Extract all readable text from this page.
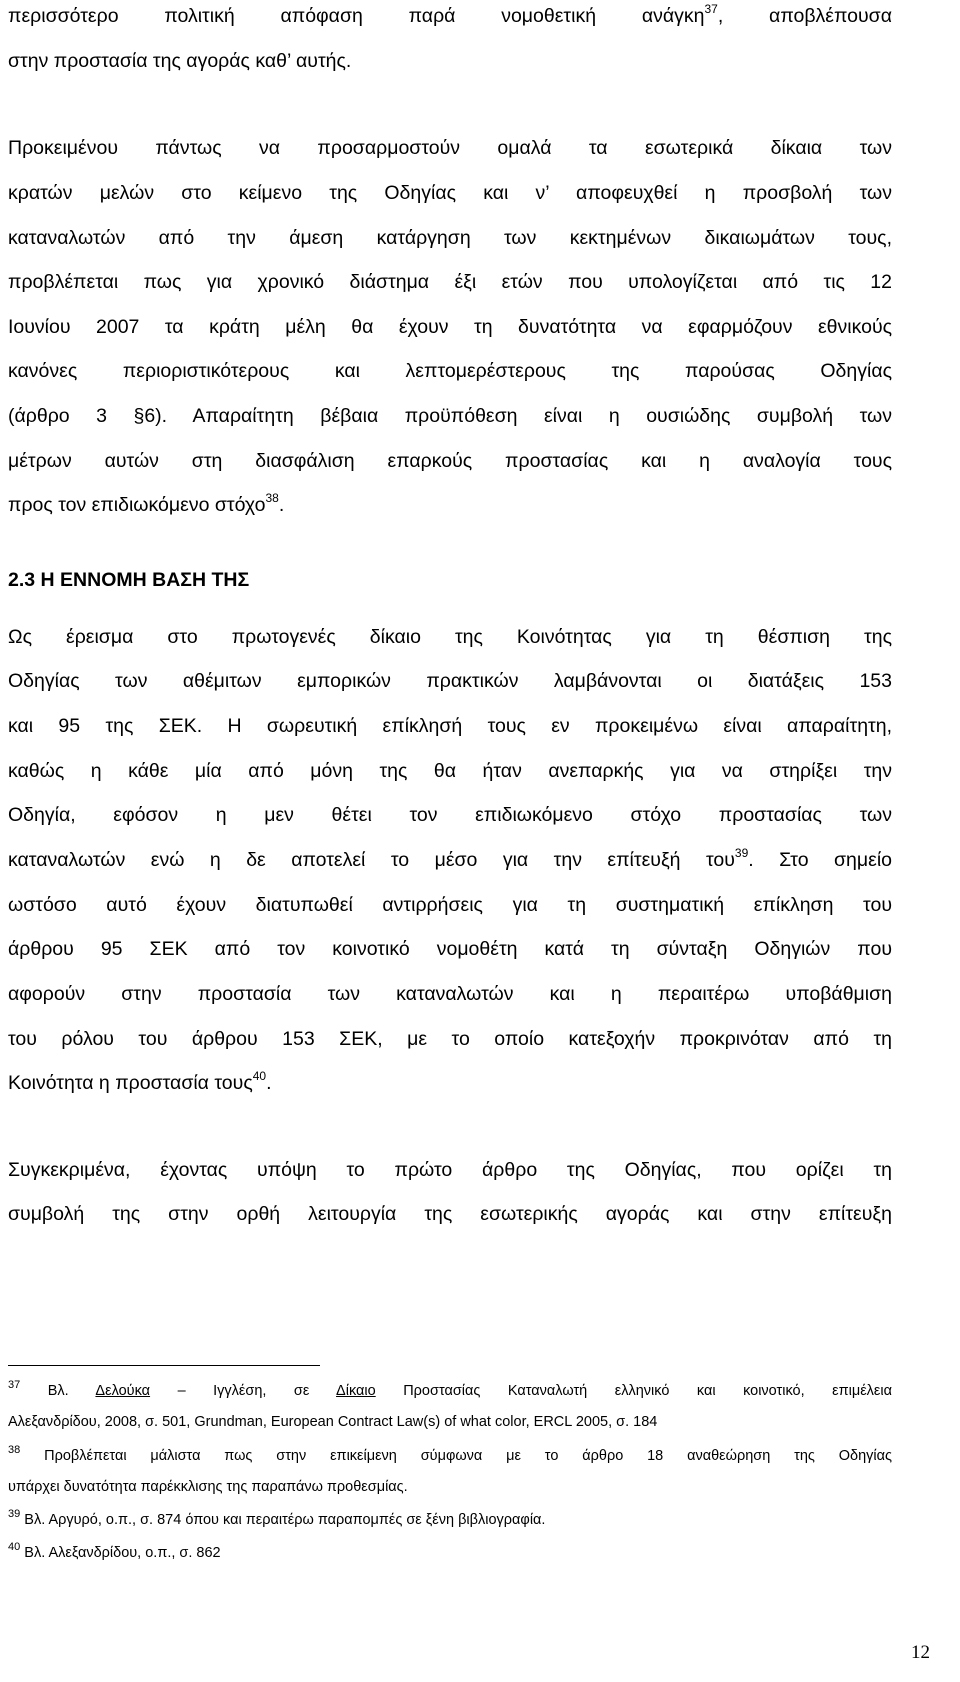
περισσότερο πολιτική απόφαση παρά νομοθετική ανάγκη$^{37}$, αποβλέπουσα
στην προστασία της αγοράς καθ’ αυτής.
Προκειμένου πάντως να προσαρμοστούν ομαλά τα εσωτερικά δίκαια των
κρατών μελών στο κείμενο της Οδηγίας και ν’ αποφευχθεί η προσβολή των
καταναλωτών από την άμεση κατάργηση των κεκτημένων δικαιωμάτων τους,
προβλέπεται πως για χρονικό διάστημα έξι ετών που υπολογίζεται από τις 12
Ιουνίου 2007 τα κράτη μέλη θα έχουν τη δυνατότητα να εφαρμόζουν εθνικούς
κανόνες περιοριστικότερους και λεπτομερέστερους της παρούσας Οδηγίας
(άρθρο 3 §6). Απαραίτητη βέβαια προϋπόθεση είναι η ουσιώδης συμβολή των
μέτρων αυτών στη διασφάλιση επαρκούς προστασίας και η αναλογία τους
προς τον επιδιωκόμενο στόχο$^{38}$.
2.3 Η ΕΝΝΟΜΗ ΒΑΣΗ ΤΗΣ
Ως έρεισμα στο πρωτογενές δίκαιο της Κοινότητας για τη θέσπιση της
Οδηγίας των αθέμιτων εμπορικών πρακτικών λαμβάνονται οι διατάξεις 153
και 95 της ΣΕΚ. Η σωρευτική επίκλησή τους εν προκειμένω είναι απαραίτητη,
καθώς η κάθε μία από μόνη της θα ήταν ανεπαρκής για να στηρίξει την
Οδηγία, εφόσον η μεν θέτει τον επιδιωκόμενο στόχο προστασίας των
καταναλωτών ενώ η δε αποτελεί το μέσο για την επίτευξή του$^{39}$. Στο σημείο
ωστόσο αυτό έχουν διατυπωθεί αντιρρήσεις για τη συστηματική επίκληση του
άρθρου 95 ΣΕΚ από τον κοινοτικό νομοθέτη κατά τη σύνταξη Οδηγιών που
αφορούν στην προστασία των καταναλωτών και η περαιτέρω υποβάθμιση
του ρόλου του άρθρου 153 ΣΕΚ, με το οποίο κατεξοχήν προκρινόταν από τη
Κοινότητα η προστασία τους$^{40}$.
Συγκεκριμένα, έχοντας υπόψη το πρώτο άρθρο της Οδηγίας, που ορίζει τη
συμβολή της στην ορθή λειτουργία της εσωτερικής αγοράς και στην επίτευξη
$^{37}$ Βλ. Δελούκα – Ιγγλέση, σε Δίκαιο Προστασίας Καταναλωτή ελληνικό και κοινοτικό, επιμέλεια
Αλεξανδρίδου, 2008, σ. 501, Grundman, European Contract Law(s) of what color, ERCL 2005, σ. 184
$^{38}$ Προβλέπεται μάλιστα πως στην επικείμενη σύμφωνα με το άρθρο 18 αναθεώρηση της Οδηγίας
υπάρχει δυνατότητα παρέκκλισης της παραπάνω προθεσμίας.
$^{39}$ Βλ. Αργυρό, ο.π., σ. 874 όπου και περαιτέρω παραπομπές σε ξένη βιβλιογραφία.
$^{40}$ Βλ. Αλεξανδρίδου, ο.π., σ. 862
12
